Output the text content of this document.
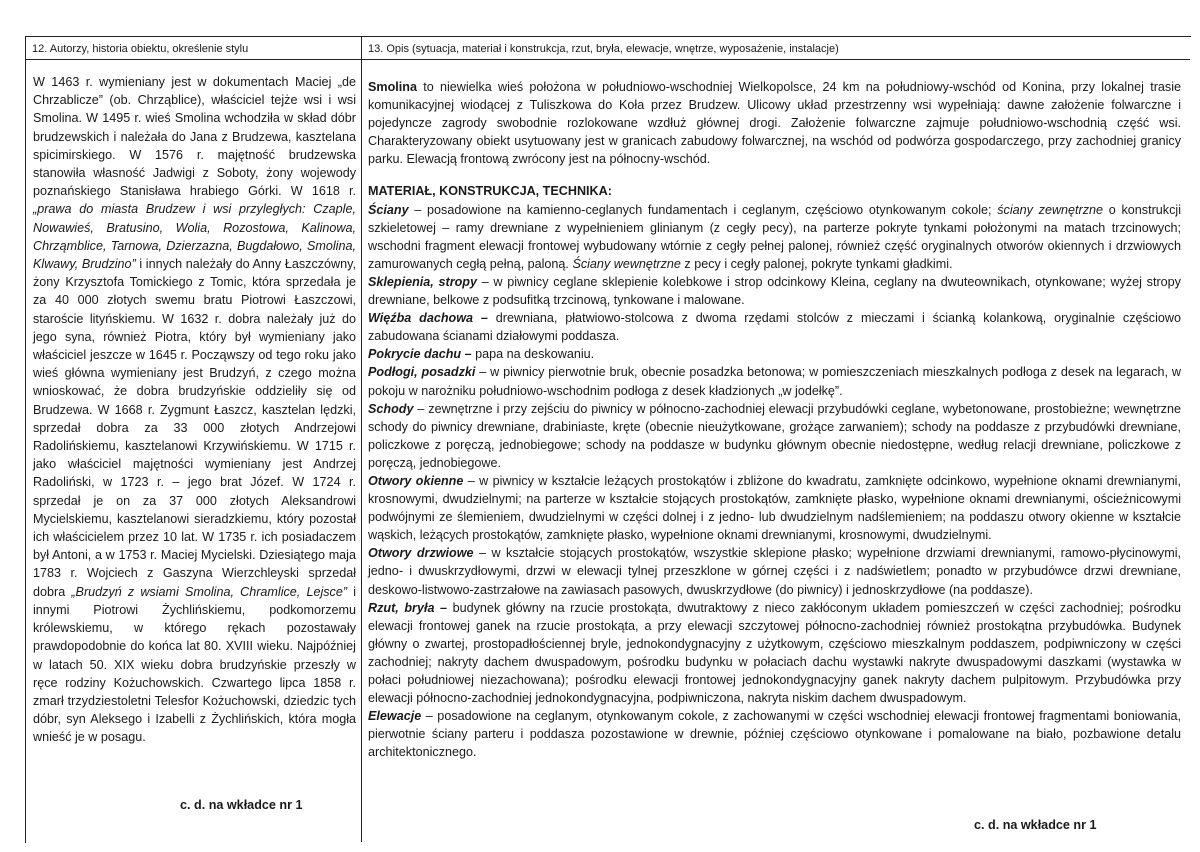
12. Autorzy, historia obiektu, określenie stylu	13. Opis (sytuacja, materiał i konstrukcja, rzut, bryła, elewacje, wnętrze, wyposażenie, instalacje)

W 1463 r. wymieniany jest w dokumentach Maciej „de Chrzablicze” (ob. Chrząblice), właściciel tejże wsi i wsi Smolina. W 1495 r. wieś Smolina wchodziła w skład dóbr brudzewskich i należała do Jana z Brudzewa, kasztelana spicimirskiego. W 1576 r. majętność brudzewska stanowiła własność Jadwigi z Soboty, żony wojewody poznańskiego Stanisława hrabiego Górki. W 1618 r. „prawa do miasta Brudzew i wsi przyległych: Czaple, Nowawieś, Bratusino, Wolia, Rozostowa, Kalinowa, Chrząmblice, Tarnowa, Dzierzazna, Bugdałowo, Smolina, Klwawy, Brudzino” i innych należały do Anny Łaszczówny, żony Krzysztofa Tomickiego z Tomic, która sprzedała je za 40 000 złotych swemu bratu Piotrowi Łaszczowi, staroście lityńskiemu. W 1632 r. dobra należały już do jego syna, również Piotra, który był wymieniany jako właściciel jeszcze w 1645 r. Począwszy od tego roku jako wieś główna wymieniany jest Brudzyń, z czego można wnioskować, że dobra brudzyńskie oddzieliły się od Brudzewa. W 1668 r. Zygmunt Łaszcz, kasztelan lędzki, sprzedał dobra za 33 000 złotych Andrzejowi Radolińskiemu, kasztelanowi Krzywińskiemu. W 1715 r. jako właściciel majętności wymieniany jest Andrzej Radoliński, w 1723 r. – jego brat Józef. W 1724 r. sprzedał je on za 37 000 złotych Aleksandrowi Mycielskiemu, kasztelanowi sieradzkiemu, który pozostał ich właścicielem przez 10 lat. W 1735 r. ich posiadaczem był Antoni, a w 1753 r. Maciej Mycielski. Dziesiątego maja 1783 r. Wojciech z Gaszyna Wierzchleyski sprzedał dobra „Brudzyń z wsiami Smolina, Chramlice, Lejsce” i innymi Piotrowi Żychlińskiemu, podkomorzemu królewskiemu, w którego rękach pozostawały prawdopodobnie do końca lat 80. XVIII wieku. Najpóźniej w latach 50. XIX wieku dobra brudzyńskie przeszły w ręce rodziny Kożuchowskich. Czwartego lipca 1858 r. zmarł trzydziestoletni Telesfor Kożuchowski, dziedzic tych dóbr, syn Aleksego i Izabelli z Żychlińskich, która mogła wnieść je w posagu.

c. d. na wkładce nr 1

Smolina to niewielka wieś położona w południowo-wschodniej Wielkopolsce, 24 km na południowy-wschód od Konina, przy lokalnej trasie komunikacyjnej wiodącej z Tuliszkowa do Koła przez Brudzew. Ulicowy układ przestrzenny wsi wypełniają: dawne założenie folwarczne i pojedyncze zagrody swobodnie rozlokowane wzdłuż głównej drogi. Założenie folwarczne zajmuje południowo-wschodnią część wsi. Charakteryzowany obiekt usytuowany jest w granicach zabudowy folwarcznej, na wschód od podwórza gospodarczego, przy zachodniej granicy parku. Elewacją frontową zwrócony jest na północny-wschód.

MATERIAŁ, KONSTRUKCJA, TECHNIKA:

Ściany – posadowione na kamienno-ceglanych fundamentach i ceglanym, częściowo otynkowanym cokole; ściany zewnętrzne o konstrukcji szkieletowej – ramy drewniane z wypełnieniem glinianym (z cegły pecy), na parterze pokryte tynkami położonymi na matach trzcinowych; wschodni fragment elewacji frontowej wybudowany wtórnie z cegły pełnej palonej, również część oryginalnych otworów okiennych i drzwiowych zamurowanych cegłą pełną, paloną. Ściany wewnętrzne z pecy i cegły palonej, pokryte tynkami gładkimi.

Sklepienia, stropy – w piwnicy ceglane sklepienie kolebkowe i strop odcinkowy Kleina, ceglany na dwuteownikach, otynkowane; wyżej stropy drewniane, belkowe z podsufitką trzcinową, tynkowane i malowane.

Więźba dachowa – drewniana, płatwiowo-stolcowa z dwoma rzędami stolców z mieczami i ścianką kolankową, oryginalnie częściowo zabudowana ścianami działowymi poddasza.

Pokrycie dachu – papa na deskowaniu.

Podłogi, posadzki – w piwnicy pierwotnie bruk, obecnie posadzka betonowa; w pomieszczeniach mieszkalnych podłoga z desek na legarach, w pokoju w narożniku południowo-wschodnim podłoga z desek kładzionych „w jodełkę”.

Schody – zewnętrzne i przy zejściu do piwnicy w północno-zachodniej elewacji przybudówki ceglane, wybetonowane, prostobieżne; wewnętrzne schody do piwnicy drewniane, drabiniaste, kręte (obecnie nieużytkowane, grożące zarwaniem); schody na poddasze z przybudówki drewniane, policzkowe z poręczą, jednobiegowe; schody na poddasze w budynku głównym obecnie niedostępne, według relacji drewniane, policzkowe z poręczą, jednobiegowe.

Otwory okienne – w piwnicy w kształcie leżących prostokątów i zbliżone do kwadratu, zamknięte odcinkowo, wypełnione oknami drewnianymi, krosnowymi, dwudzielnymi; na parterze w kształcie stojących prostokątów, zamknięte płasko, wypełnione oknami drewnianymi, ościeżnicowymi podwójnymi ze ślemieniem, dwudzielnymi w części dolnej i z jedno- lub dwudzielnym nadślemieniem; na poddaszu otwory okienne w kształcie wąskich, leżących prostokątów, zamknięte płasko, wypełnione oknami drewnianymi, krosnowymi, dwudzielnymi.

Otwory drzwiowe – w kształcie stojących prostokątów, wszystkie sklepione płasko; wypełnione drzwiami drewnianymi, ramowo-płycinowymi, jedno- i dwuskrzydłowymi, drzwi w elewacji tylnej przeszklone w górnej części i z nadświetlem; ponadto w przybudówce drzwi drewniane, deskowo-listwowo-zastrzałowe na zawiasach pasowych, dwuskrzydłowe (do piwnicy) i jednoskrzydłowe (na poddasze).

Rzut, bryła – budynek główny na rzucie prostokąta, dwutraktowy z nieco zakłóconym układem pomieszczeń w części zachodniej; pośrodku elewacji frontowej ganek na rzucie prostokąta, a przy elewacji szczytowej północno-zachodniej również prostokątna przybudówka. Budynek główny o zwartej, prostopadłościennej bryle, jednokondygnacyjny z użytkowym, częściowo mieszkalnym poddaszem, podpiwniczony w części zachodniej; nakryty dachem dwuspadowym, pośrodku budynku w połaciach dachu wystawki nakryte dwuspadowymi daszkami (wystawka w połaci południowej niezachowana); pośrodku elewacji frontowej jednokondygnacyjny ganek nakryty dachem pulpitowym. Przybudówka przy elewacji północno-zachodniej jednokondygnacyjna, podpiwniczona, nakryta niskim dachem dwuspadowym.

Elewacje – posadowione na ceglanym, otynkowanym cokole, z zachowanymi w części wschodniej elewacji frontowej fragmentami boniowania, pierwotnie ściany parteru i poddasza pozostawione w drewnie, później częściowo otynkowane i pomalowane na biało, pozbawione detalu architektonicznego.

c. d. na wkładce nr 1
